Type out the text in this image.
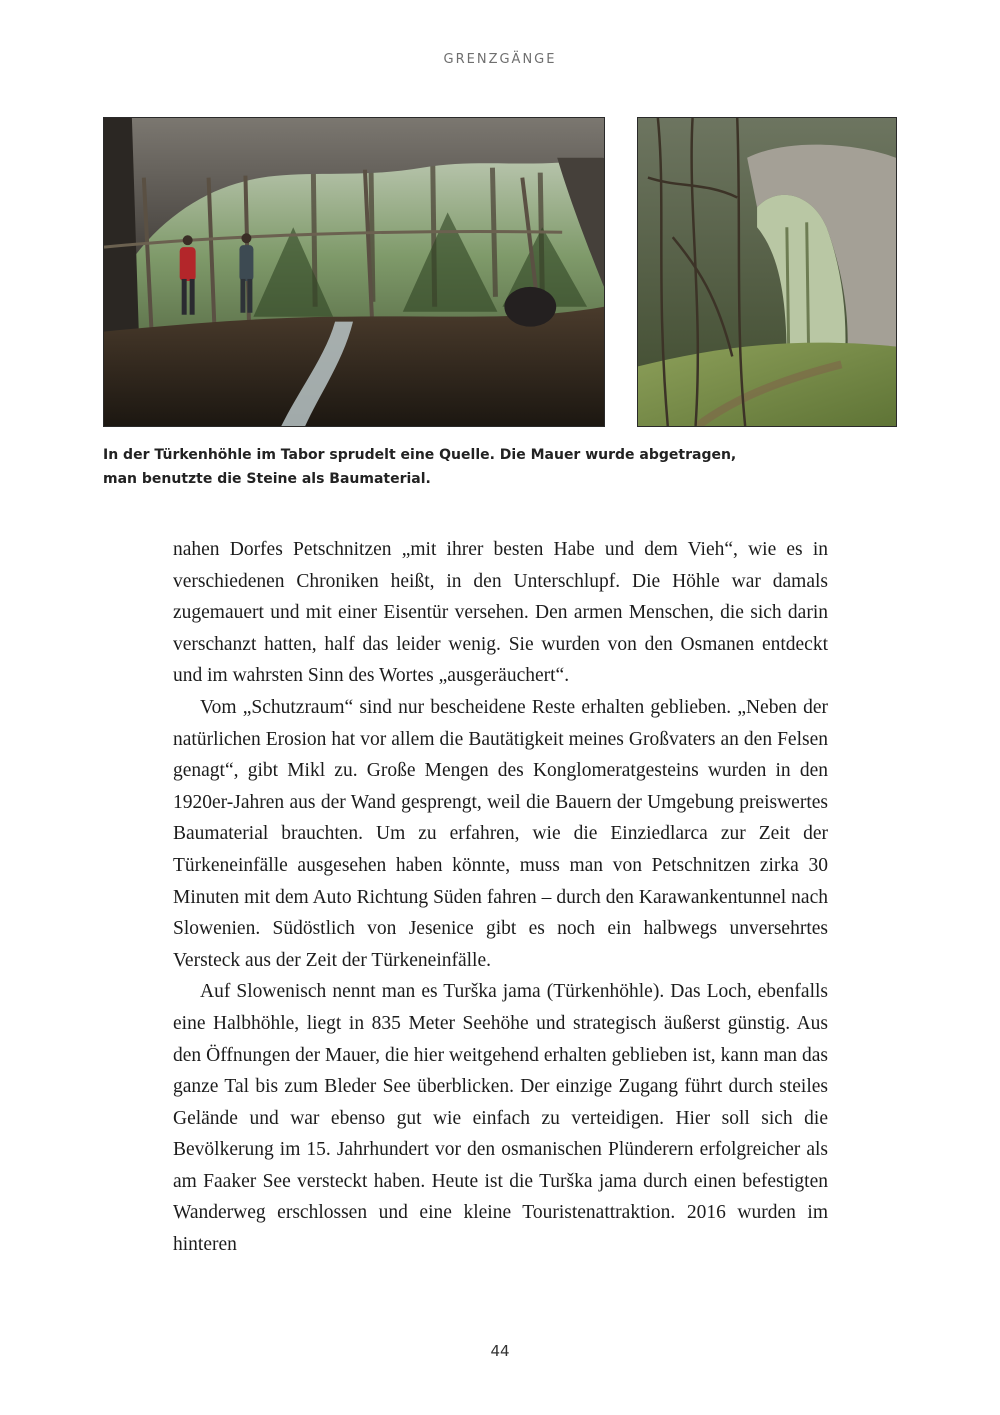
GRENZGÄNGE
In der Türkenhöhle im Tabor sprudelt eine Quelle. Die Mauer wurde abgetragen,
man benutzte die Steine als Baumaterial.

nahen Dorfes Petschnitzen „mit ihrer besten Habe und dem Vieh“, wie es in verschiedenen Chroniken heißt, in den Unterschlupf. Die Höhle war damals zugemauert und mit einer Eisentür versehen. Den armen Menschen, die sich darin verschanzt hatten, half das leider wenig. Sie wurden von den Osmanen entdeckt und im wahrsten Sinn des Wortes „ausgeräuchert“.

Vom „Schutzraum“ sind nur bescheidene Reste erhalten geblieben. „Neben der natürlichen Erosion hat vor allem die Bautätigkeit meines Großvaters an den Felsen genagt“, gibt Mikl zu. Große Mengen des Konglomeratgesteins wurden in den 1920er-Jahren aus der Wand gesprengt, weil die Bauern der Umgebung preiswertes Baumaterial brauchten. Um zu erfahren, wie die Einziedlarca zur Zeit der Türkeneinfälle ausgesehen haben könnte, muss man von Petschnitzen zirka 30 Minuten mit dem Auto Richtung Süden fahren – durch den Karawankentunnel nach Slowenien. Südöstlich von Jesenice gibt es noch ein halbwegs unversehrtes Versteck aus der Zeit der Türkeneinfälle.

Auf Slowenisch nennt man es Turška jama (Türkenhöhle). Das Loch, ebenfalls eine Halbhöhle, liegt in 835 Meter Seehöhe und strategisch äußerst günstig. Aus den Öffnungen der Mauer, die hier weitgehend erhalten geblieben ist, kann man das ganze Tal bis zum Bleder See überblicken. Der einzige Zugang führt durch steiles Gelände und war ebenso gut wie einfach zu verteidigen. Hier soll sich die Bevölkerung im 15. Jahrhundert vor den osmanischen Plünderern erfolgreicher als am Faaker See versteckt haben. Heute ist die Turška jama durch einen befestigten Wanderweg erschlossen und eine kleine Touristenattraktion. 2016 wurden im hinteren

44
